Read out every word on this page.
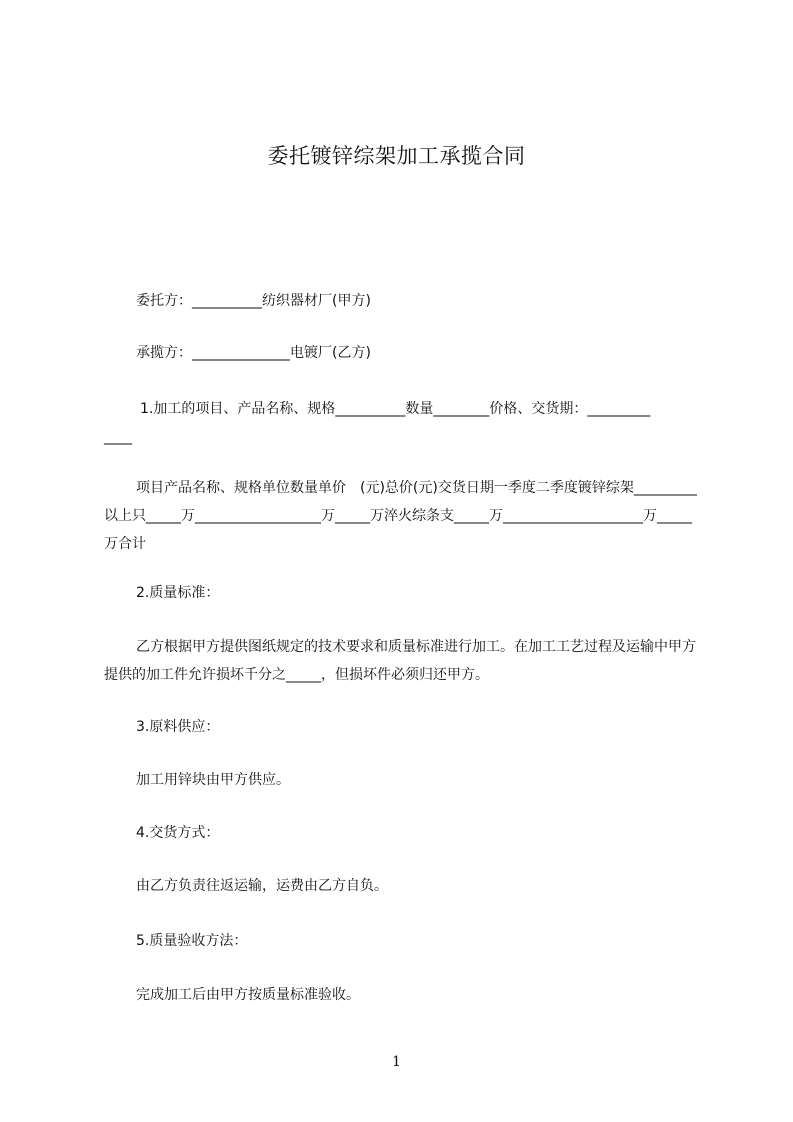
委托镀锌综架加工承揽合同
委托方：__________纺织器材厂(甲方)
承揽方：______________电镀厂(乙方)
1.加工的项目、产品名称、规格__________数量________价格、交货期：_________
____
项目产品名称、规格单位数量单价　(元)总价(元)交货日期一季度二季度镀锌综架_________以上只_____万__________________万_____万淬火综条支_____万____________________万_____万合计
2.质量标准：
乙方根据甲方提供图纸规定的技术要求和质量标准进行加工。在加工工艺过程及运输中甲方提供的加工件允许损坏千分之_____，但损坏件必须归还甲方。
3.原料供应：
加工用锌块由甲方供应。
4.交货方式：
由乙方负责往返运输，运费由乙方自负。
5.质量验收方法：
完成加工后由甲方按质量标准验收。
1
